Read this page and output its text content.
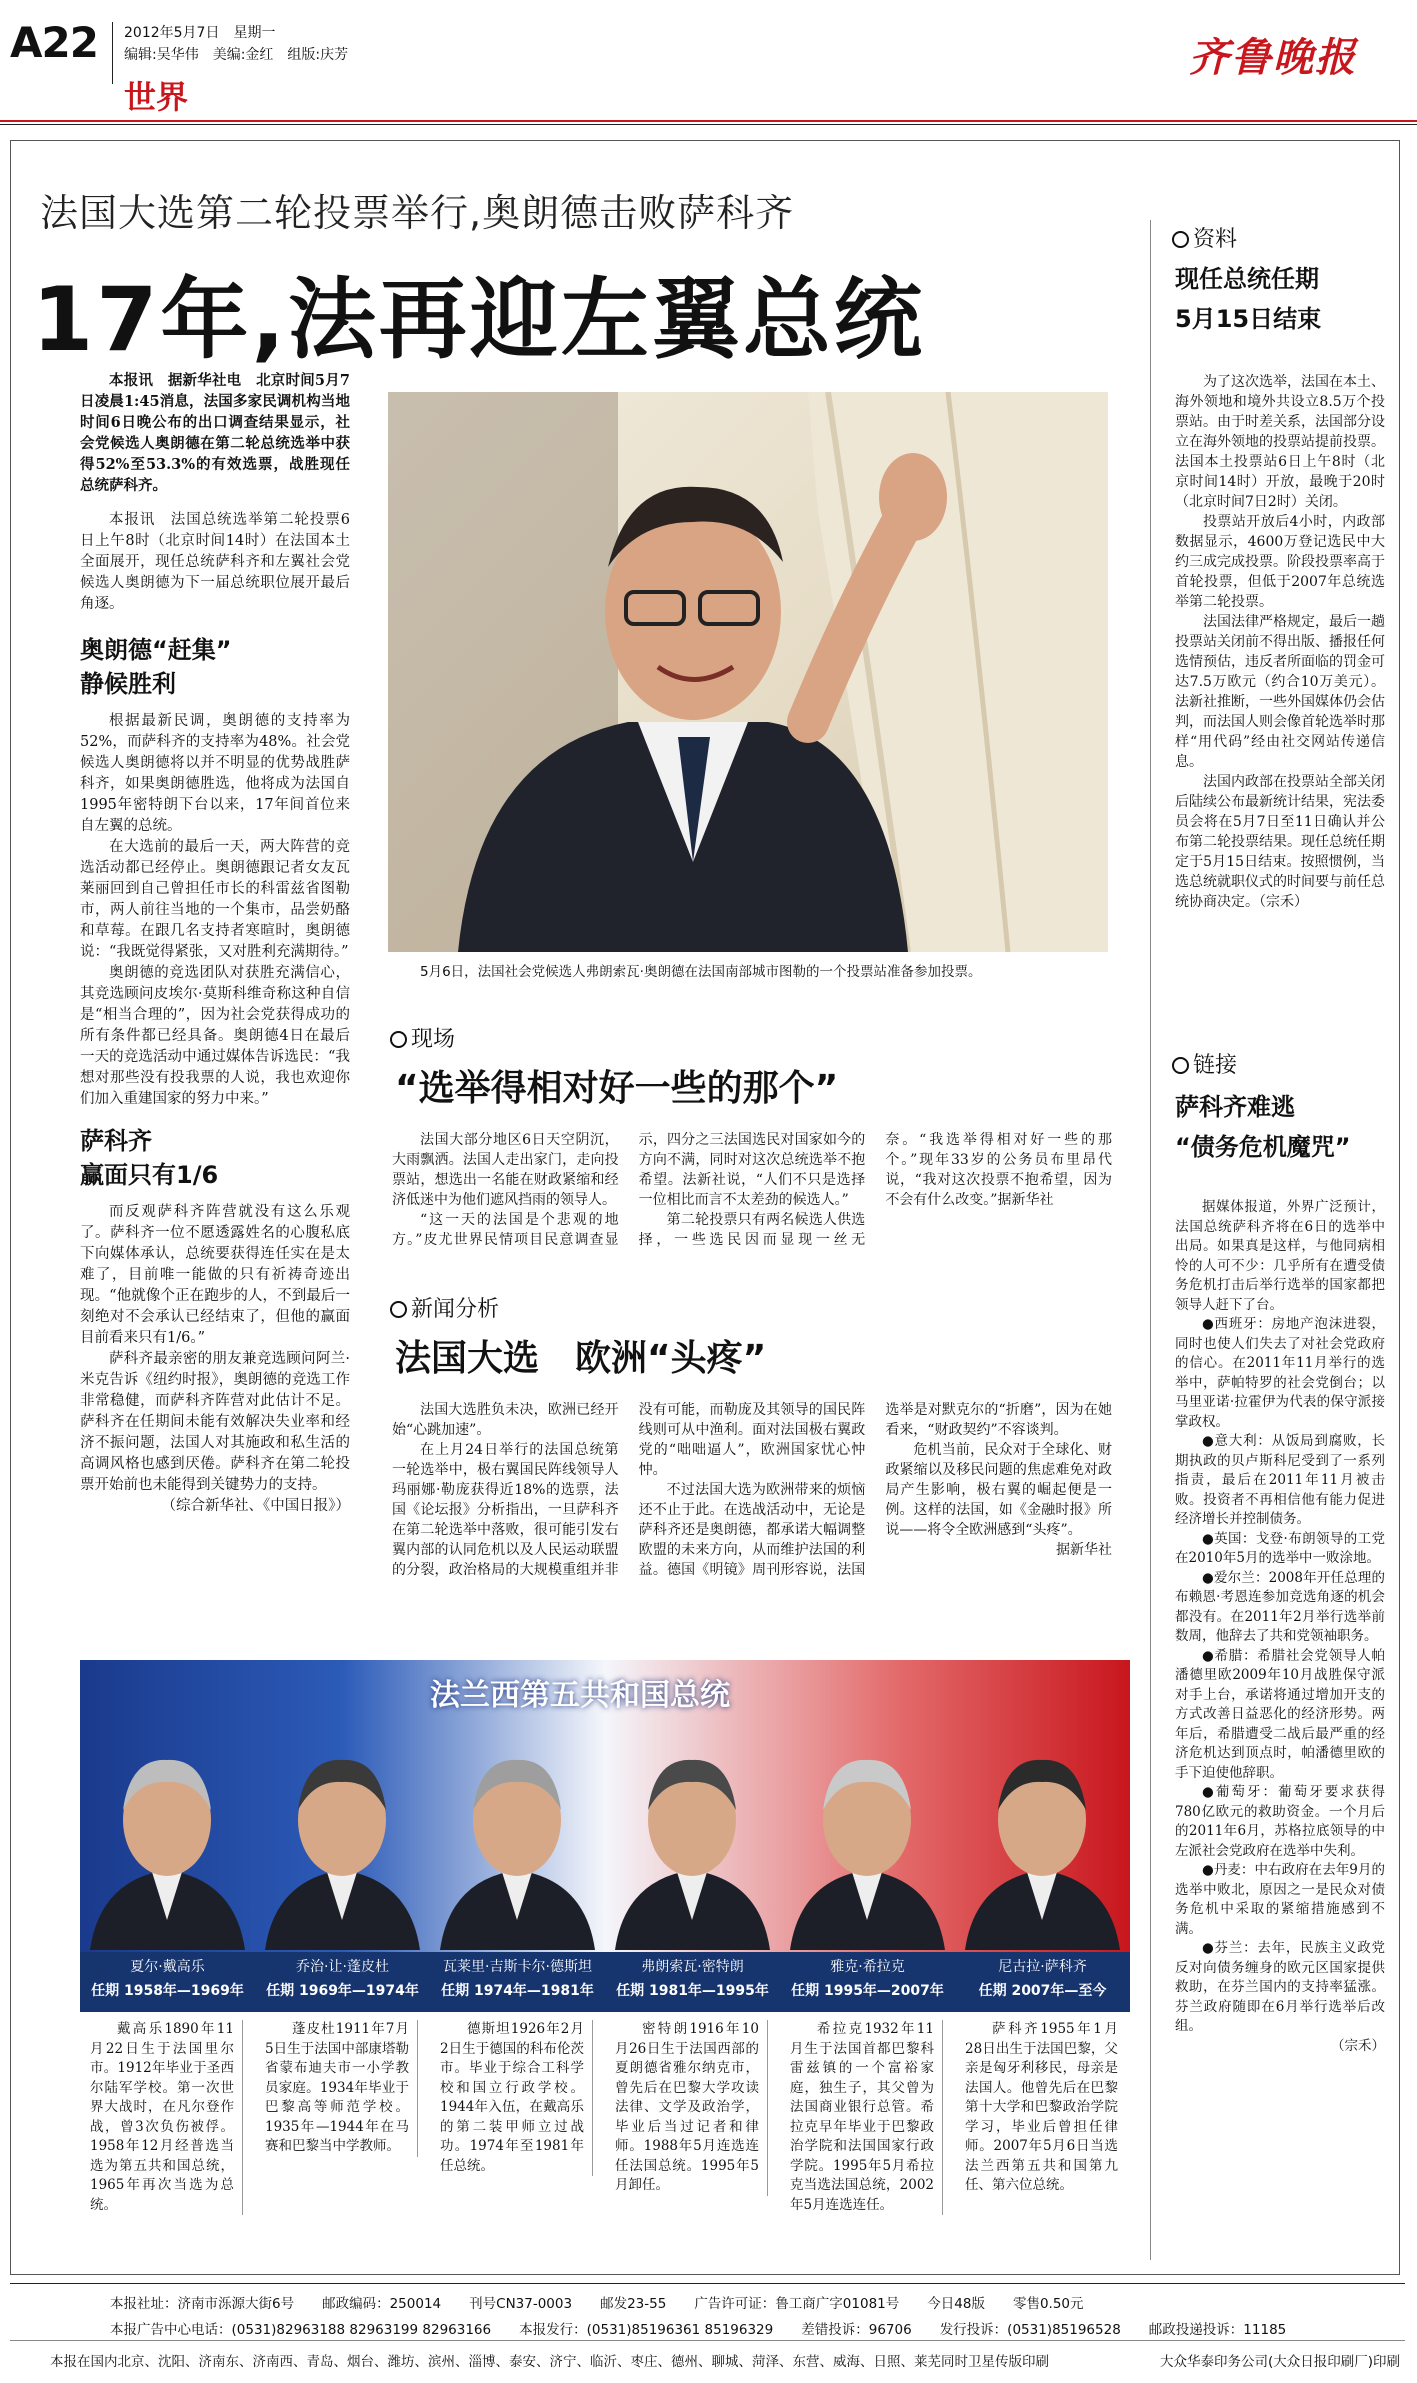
A22 2012年5月7日　星期一
编辑:吴华伟　美编:金红　组版:庆芳
世界
齐鲁晚报
法国大选第二轮投票举行,奥朗德击败萨科齐
17年,法再迎左翼总统

本报讯　据新华社电　北京时间5月7日凌晨1:45消息，法国多家民调机构当地时间6日晚公布的出口调查结果显示，社会党候选人奥朗德在第二轮总统选举中获得52%至53.3%的有效选票，战胜现任总统萨科齐。

本报讯　法国总统选举第二轮投票6日上午8时（北京时间14时）在法国本土全面展开，现任总统萨科齐和左翼社会党候选人奥朗德为下一届总统职位展开最后角逐。

奥朗德“赶集”
静候胜利

根据最新民调，奥朗德的支持率为52%，而萨科齐的支持率为48%。社会党候选人奥朗德将以并不明显的优势战胜萨科齐，如果奥朗德胜选，他将成为法国自1995年密特朗下台以来，17年间首位来自左翼的总统。

在大选前的最后一天，两大阵营的竞选活动都已经停止。奥朗德跟记者女友瓦莱丽回到自己曾担任市长的科雷兹省图勒市，两人前往当地的一个集市，品尝奶酪和草莓。在跟几名支持者寒暄时，奥朗德说：“我既觉得紧张，又对胜利充满期待。”

奥朗德的竞选团队对获胜充满信心，其竞选顾问皮埃尔·莫斯科维奇称这种自信是“相当合理的”，因为社会党获得成功的所有条件都已经具备。奥朗德4日在最后一天的竞选活动中通过媒体告诉选民：“我想对那些没有投我票的人说，我也欢迎你们加入重建国家的努力中来。”

萨科齐
赢面只有1/6

而反观萨科齐阵营就没有这么乐观了。萨科齐一位不愿透露姓名的心腹私底下向媒体承认，总统要获得连任实在是太难了，目前唯一能做的只有祈祷奇迹出现。“他就像个正在跑步的人，不到最后一刻绝对不会承认已经结束了，但他的赢面目前看来只有1/6。”

萨科齐最亲密的朋友兼竞选顾问阿兰·米克告诉《纽约时报》，奥朗德的竞选工作非常稳健，而萨科齐阵营对此估计不足。萨科齐在任期间未能有效解决失业率和经济不振问题，法国人对其施政和私生活的高调风格也感到厌倦。萨科齐在第二轮投票开始前也未能得到关键势力的支持。

（综合新华社、《中国日报》）

5月6日，法国社会党候选人弗朗索瓦·奥朗德在法国南部城市图勒的一个投票站准备参加投票。
现场
“选举得相对好一些的那个”

法国大部分地区6日天空阴沉，大雨飘洒。法国人走出家门，走向投票站，想选出一名能在财政紧缩和经济低迷中为他们遮风挡雨的领导人。

“这一天的法国是个悲观的地方。”皮尤世界民情项目民意调查显示，四分之三法国选民对国家如今的方向不满，同时对这次总统选举不抱希望。法新社说，“人们不只是选择一位相比而言不太差劲的候选人。”

第二轮投票只有两名候选人供选择，一些选民因而显现一丝无奈。“我选举得相对好一些的那个。”现年33岁的公务员布里昂代说，“我对这次投票不抱希望，因为不会有什么改变。”据新华社

新闻分析
法国大选　欧洲“头疼”

法国大选胜负未决，欧洲已经开始“心跳加速”。

在上月24日举行的法国总统第一轮选举中，极右翼国民阵线领导人玛丽娜·勒庞获得近18%的选票，法国《论坛报》分析指出，一旦萨科齐在第二轮选举中落败，很可能引发右翼内部的认同危机以及人民运动联盟的分裂，政治格局的大规模重组并非没有可能，而勒庞及其领导的国民阵线则可从中渔利。面对法国极右翼政党的“咄咄逼人”，欧洲国家忧心忡忡。

不过法国大选为欧洲带来的烦恼还不止于此。在选战活动中，无论是萨科齐还是奥朗德，都承诺大幅调整欧盟的未来方向，从而维护法国的利益。德国《明镜》周刊形容说，法国选举是对默克尔的“折磨”，因为在她看来，“财政契约”不容谈判。

危机当前，民众对于全球化、财政紧缩以及移民问题的焦虑难免对政局产生影响，极右翼的崛起便是一例。这样的法国，如《金融时报》所说——将令全欧洲感到“头疼”。

据新华社

资料
现任总统任期
5月15日结束

为了这次选举，法国在本土、海外领地和境外共设立8.5万个投票站。由于时差关系，法国部分设立在海外领地的投票站提前投票。法国本土投票站6日上午8时（北京时间14时）开放，最晚于20时（北京时间7日2时）关闭。

投票站开放后4小时，内政部数据显示，4600万登记选民中大约三成完成投票。阶段投票率高于首轮投票，但低于2007年总统选举第二轮投票。

法国法律严格规定，最后一趟投票站关闭前不得出版、播报任何选情预估，违反者所面临的罚金可达7.5万欧元（约合10万美元）。法新社推断，一些外国媒体仍会估判，而法国人则会像首轮选举时那样“用代码”经由社交网站传递信息。

法国内政部在投票站全部关闭后陆续公布最新统计结果，宪法委员会将在5月7日至11日确认并公布第二轮投票结果。现任总统任期定于5月15日结束。按照惯例，当选总统就职仪式的时间要与前任总统协商决定。（宗禾）

链接
萨科齐难逃
“债务危机魔咒”

据媒体报道，外界广泛预计，法国总统萨科齐将在6日的选举中出局。如果真是这样，与他同病相怜的人可不少：几乎所有在遭受债务危机打击后举行选举的国家都把领导人赶下了台。

●西班牙：房地产泡沫进裂，同时也使人们失去了对社会党政府的信心。在2011年11月举行的选举中，萨帕特罗的社会党倒台；以马里亚诺·拉霍伊为代表的保守派接掌政权。

●意大利：从饭局到腐败，长期执政的贝卢斯科尼受到了一系列指责，最后在2011年11月被击败。投资者不再相信他有能力促进经济增长并控制债务。

●英国：戈登·布朗领导的工党在2010年5月的选举中一败涂地。

●爱尔兰：2008年开任总理的布赖恩·考恩连参加竞选角逐的机会都没有。在2011年2月举行选举前数周，他辞去了共和党领袖职务。

●希腊：希腊社会党领导人帕潘德里欧2009年10月战胜保守派对手上台，承诺将通过增加开支的方式改善日益恶化的经济形势。两年后，希腊遭受二战后最严重的经济危机达到顶点时，帕潘德里欧的手下迫使他辞职。

●葡萄牙：葡萄牙要求获得780亿欧元的救助资金。一个月后的2011年6月，苏格拉底领导的中左派社会党政府在选举中失利。

●丹麦：中右政府在去年9月的选举中败北，原因之一是民众对债务危机中采取的紧缩措施感到不满。

●芬兰：去年，民族主义政党反对向债务缠身的欧元区国家提供救助，在芬兰国内的支持率猛涨。芬兰政府随即在6月举行选举后改组。

（宗禾）

法兰西第五共和国总统
夏尔·戴高乐
任期 1958年—1969年
乔治·让·蓬皮杜
任期 1969年—1974年
瓦莱里·吉斯卡尔·德斯坦
任期 1974年—1981年
弗朗索瓦·密特朗
任期 1981年—1995年
雅克·希拉克
任期 1995年—2007年
尼古拉·萨科齐
任期 2007年—至今

戴高乐1890年11月22日生于法国里尔市。1912年毕业于圣西尔陆军学校。第一次世界大战时，在凡尔登作战，曾3次负伤被俘。1958年12月经普选当选为第五共和国总统，1965年再次当选为总统。

蓬皮杜1911年7月5日生于法国中部康塔勒省蒙布迪夫市一小学教员家庭。1934年毕业于巴黎高等师范学校。1935年—1944年在马赛和巴黎当中学教师。

德斯坦1926年2月2日生于德国的科布伦茨市。毕业于综合工科学校和国立行政学校。1944年入伍，在戴高乐的第二装甲师立过战功。1974年至1981年任总统。

密特朗1916年10月26日生于法国西部的夏朗德省雅尔纳克市，曾先后在巴黎大学攻读法律、文学及政治学，毕业后当过记者和律师。1988年5月连选连任法国总统。1995年5月卸任。

希拉克1932年11月生于法国首都巴黎科雷兹镇的一个富裕家庭，独生子，其父曾为法国商业银行总管。希拉克早年毕业于巴黎政治学院和法国国家行政学院。1995年5月希拉克当选法国总统，2002年5月连选连任。

萨科齐1955年1月28日出生于法国巴黎，父亲是匈牙利移民，母亲是法国人。他曾先后在巴黎第十大学和巴黎政治学院学习，毕业后曾担任律师。2007年5月6日当选法兰西第五共和国第九任、第六位总统。

本报社址：济南市泺源大街6号 邮政编码：250014 刊号CN37-0003 邮发23-55 广告许可证：鲁工商广字01081号 今日48版 零售0.50元
本报广告中心电话：(0531)82963188 82963199 82963166 本报发行：(0531)85196361 85196329 差错投诉：96706 发行投诉：(0531)85196528 邮政投递投诉：11185
本报在国内北京、沈阳、济南东、济南西、青岛、烟台、潍坊、滨州、淄博、泰安、济宁、临沂、枣庄、德州、聊城、菏泽、东营、威海、日照、莱芜同时卫星传版印刷	大众华泰印务公司(大众日报印刷厂)印刷
